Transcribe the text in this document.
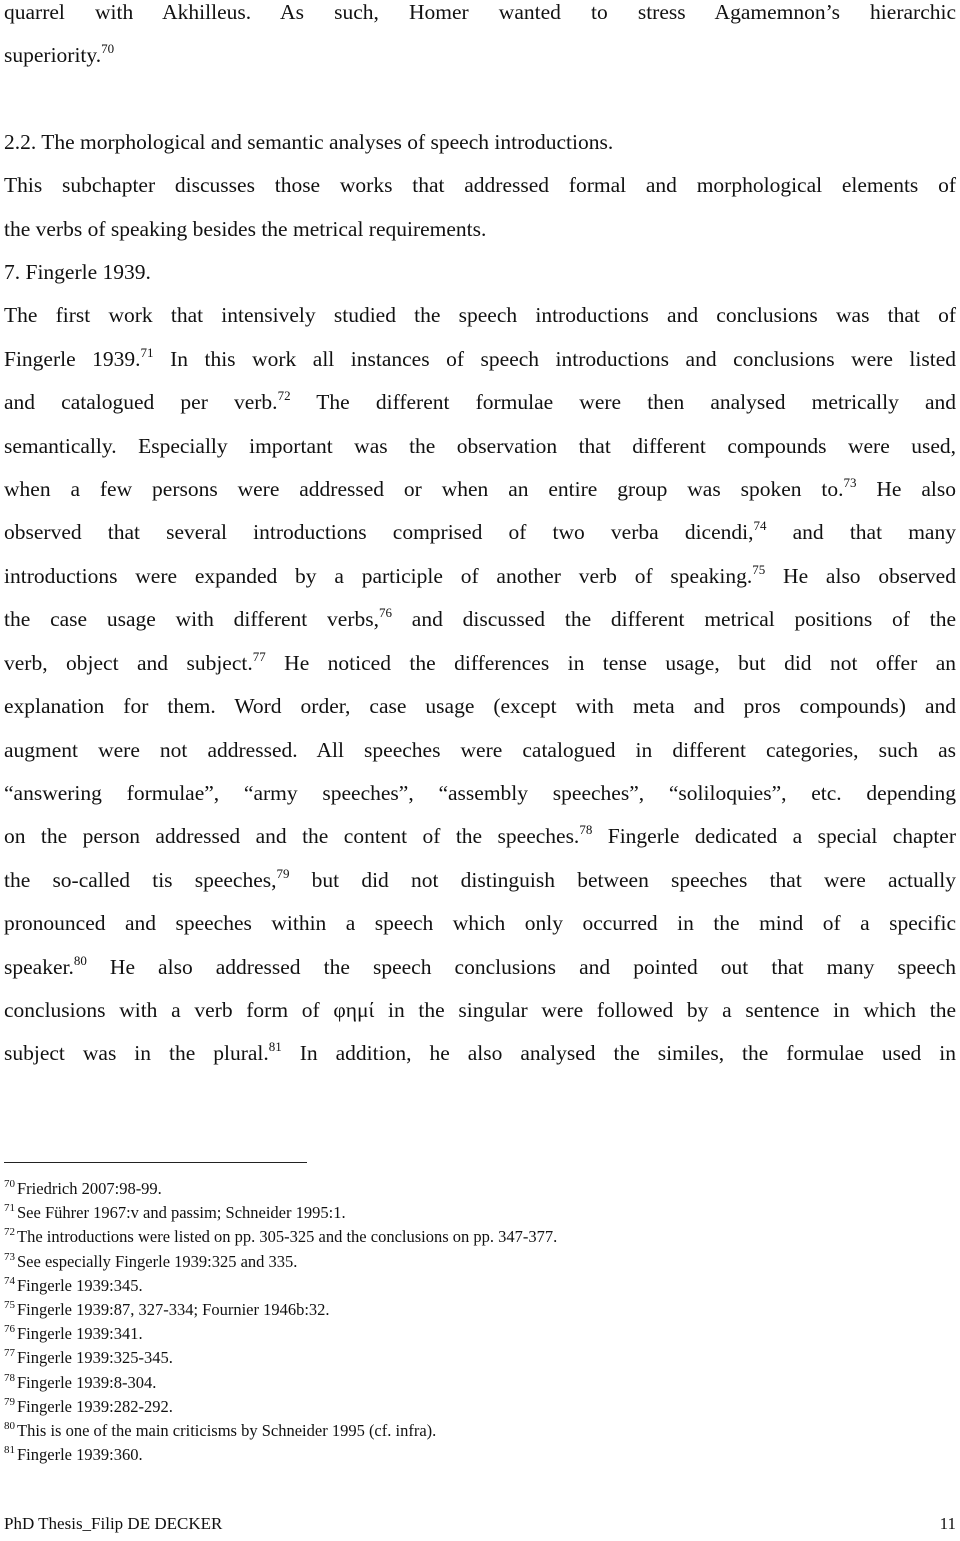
quarrel with Akhilleus. As such, Homer wanted to stress Agamemnon’s hierarchic
superiority.$^{70}$
2.2. The morphological and semantic analyses of speech introductions.
This subchapter discusses those works that addressed formal and morphological elements of
the verbs of speaking besides the metrical requirements.
7. Fingerle 1939.
The first work that intensively studied the speech introductions and conclusions was that of
Fingerle 1939.71 In this work all instances of speech introductions and conclusions were listed
and catalogued per verb.$^{72}$ The different formulae were then analysed metrically and
semantically. Especially important was the observation that different compounds were used,
when a few persons were addressed or when an entire group was spoken to.$^{73}$ He also
observed that several introductions comprised of two verba dicendi,$^{74}$ and that many
introductions were expanded by a participle of another verb of speaking.$^{75}$ He also observed
the case usage with different verbs,$^{76}$ and discussed the different metrical positions of the
verb, object and subject.$^{77}$ He noticed the differences in tense usage, but did not offer an
explanation for them. Word order, case usage (except with meta and pros compounds) and
augment were not addressed. All speeches were catalogued in different categories, such as
“answering formulae”, “army speeches”, “assembly speeches”, “soliloquies”, etc. depending
on the person addressed and the content of the speeches.$^{78}$ Fingerle dedicated a special chapter
the so-called tis speeches,$^{79}$ but did not distinguish between speeches that were actually
pronounced and speeches within a speech which only occurred in the mind of a specific
speaker.$^{80}$ He also addressed the speech conclusions and pointed out that many speech
conclusions with a verb form of φημί in the singular were followed by a sentence in which the
subject was in the plural.$^{81}$ In addition, he also analysed the similes, the formulae used in

$^{70}$ Friedrich 2007:98-99.
$^{71}$ See Führer 1967:v and passim; Schneider 1995:1.
$^{72}$ The introductions were listed on pp. 305-325 and the conclusions on pp. 347-377.
$^{73}$ See especially Fingerle 1939:325 and 335.
$^{74}$ Fingerle 1939:345.
$^{75}$ Fingerle 1939:87, 327-334; Fournier 1946b:32.
$^{76}$ Fingerle 1939:341.
$^{77}$ Fingerle 1939:325-345.
$^{78}$ Fingerle 1939:8-304.
$^{79}$ Fingerle 1939:282-292.
$^{80}$ This is one of the main criticisms by Schneider 1995 (cf. infra).
$^{81}$ Fingerle 1939:360.
PhD Thesis_Filip DE DECKER	11
